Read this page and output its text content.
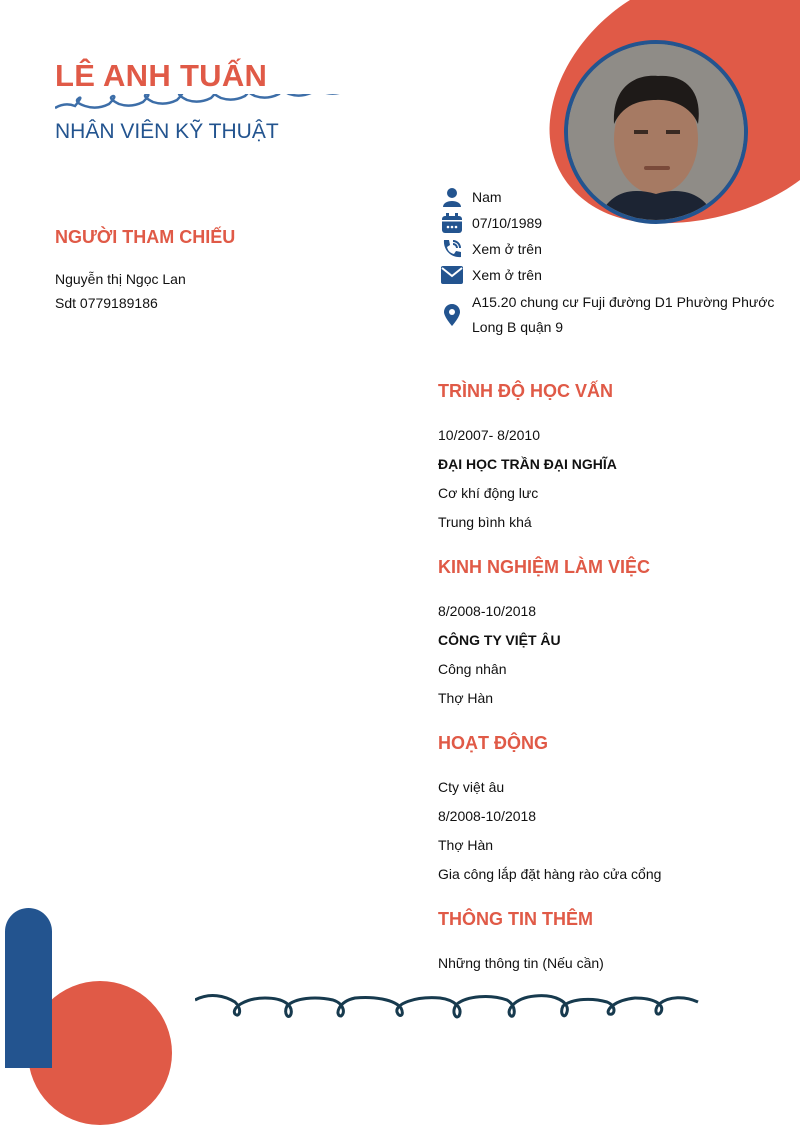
LÊ ANH TUẤN
NHÂN VIÊN KỸ THUẬT
Nam
07/10/1989
Xem ở trên
Xem ở trên
A15.20 chung cư Fuji đường D1 Phường Phước
Long B quận 9
NGƯỜI THAM CHIẾU
Nguyễn thị Ngọc Lan
Sdt 0779189186
TRÌNH ĐỘ HỌC VẤN
10/2007- 8/2010
ĐẠI HỌC TRẦN ĐẠI NGHĨA
Cơ khí động lưc
Trung bình khá
KINH NGHIỆM LÀM VIỆC
8/2008-10/2018
CÔNG TY VIỆT ÂU
Công nhân
Thợ Hàn
HOẠT ĐỘNG
Cty việt âu
8/2008-10/2018
Thợ Hàn
Gia công lắp đặt hàng rào cửa cổng
THÔNG TIN THÊM
Những thông tin (Nếu cần)
